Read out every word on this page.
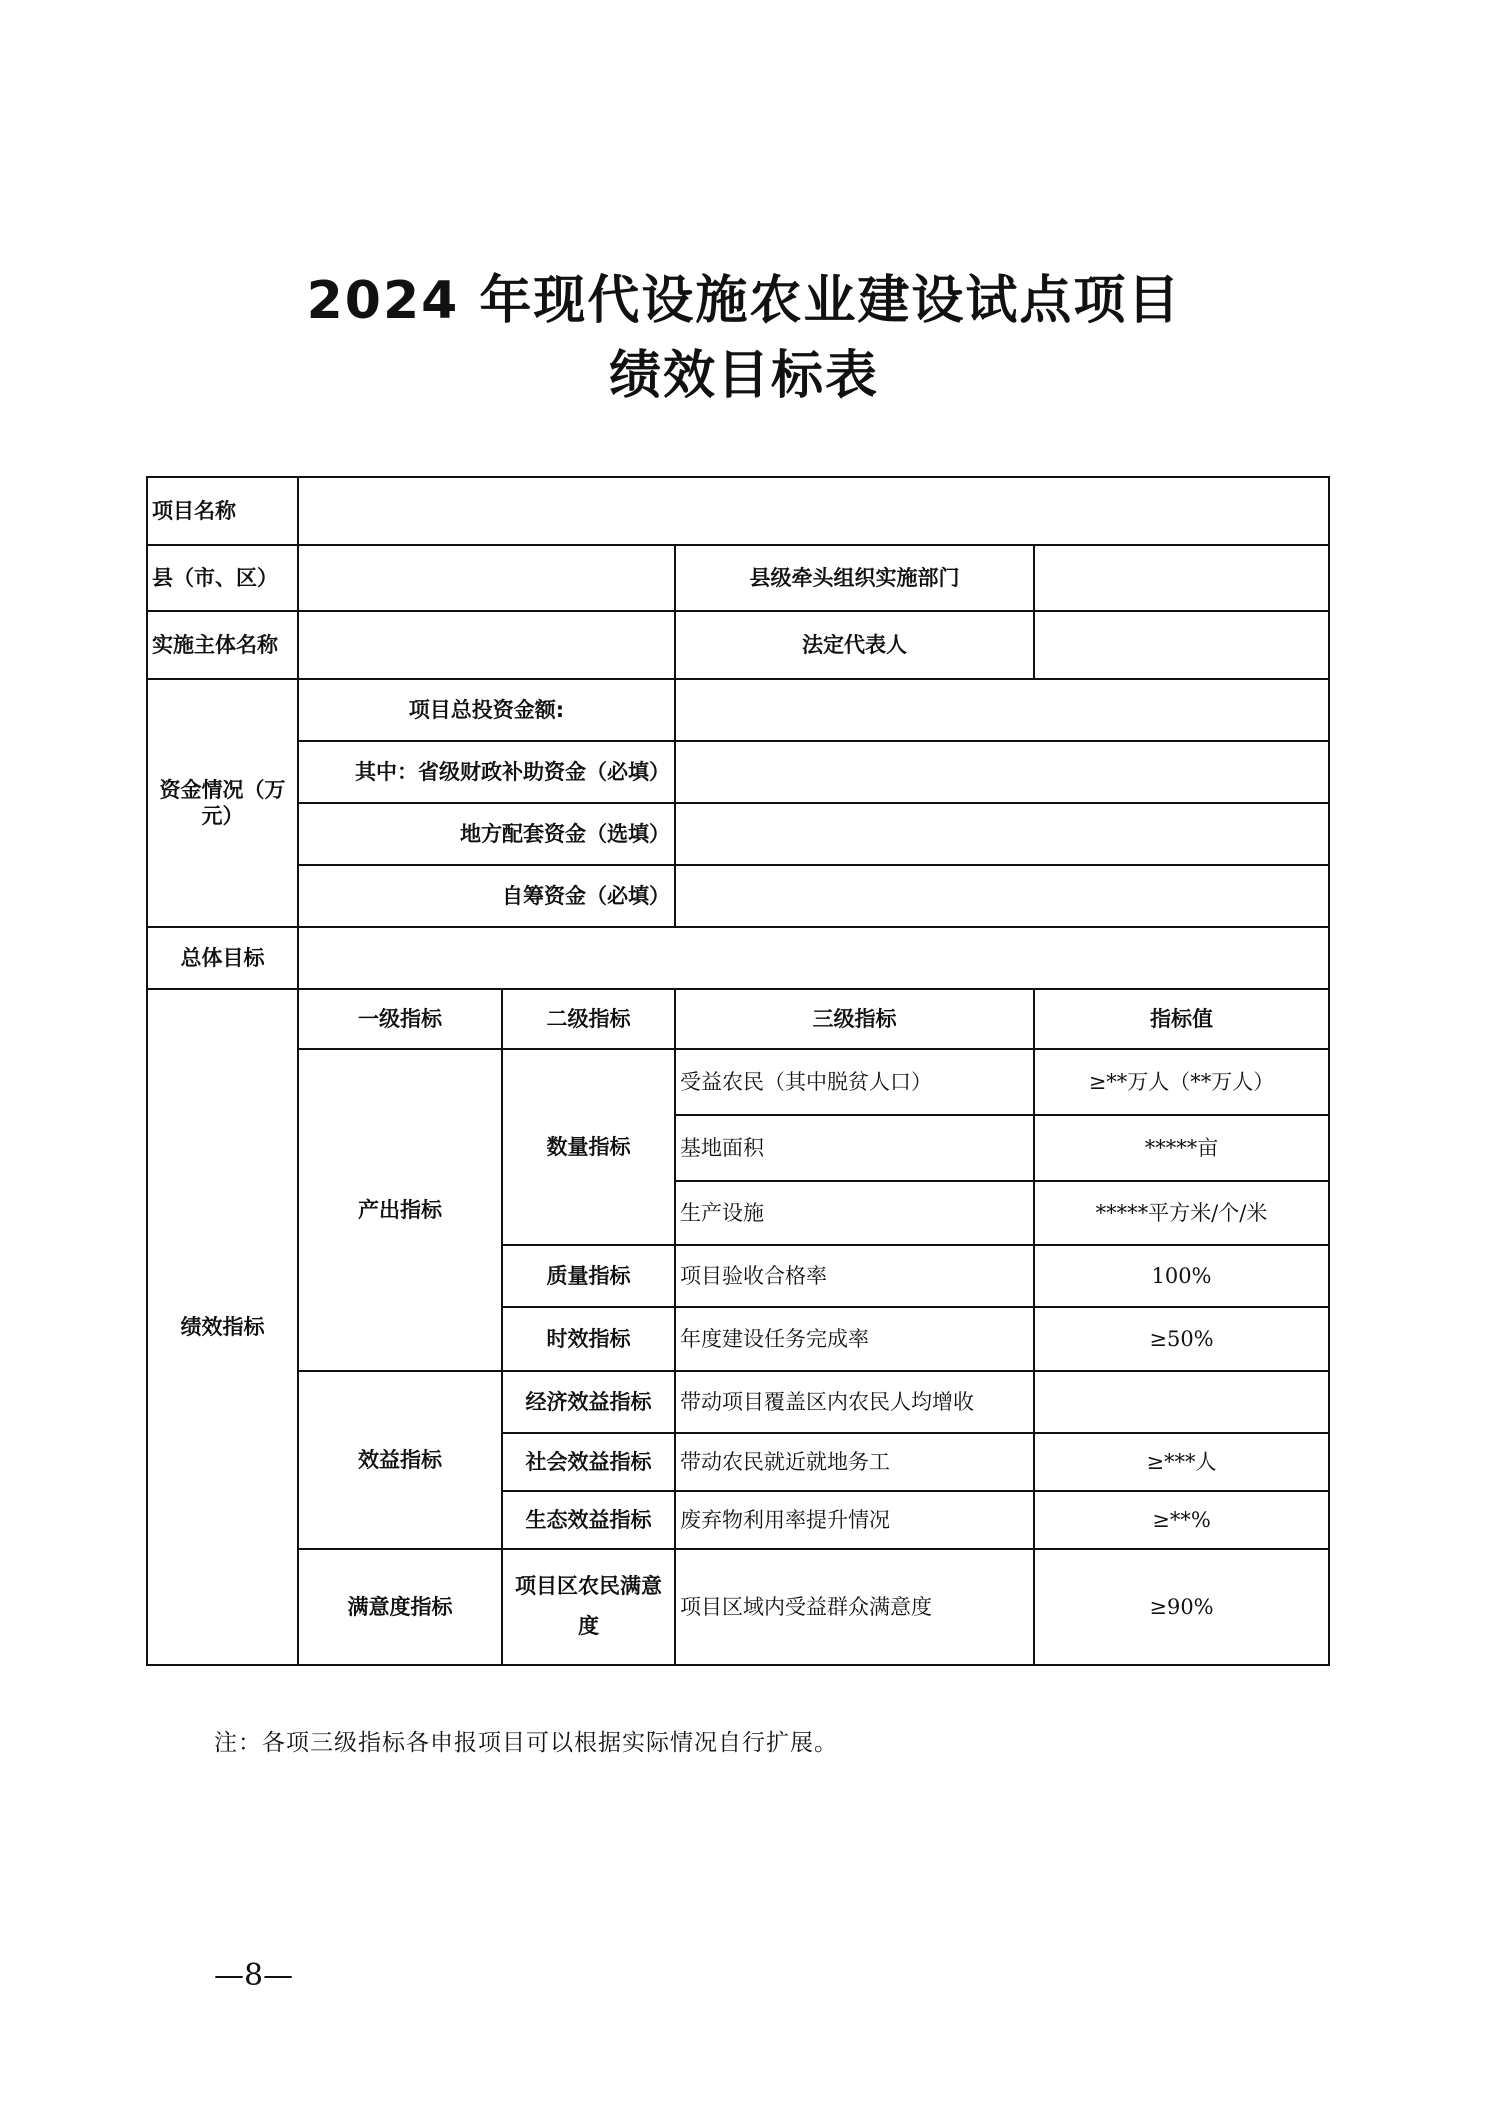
2024 年现代设施农业建设试点项目
绩效目标表
项目名称				
县（市、区）			县级牵头组织实施部门	
实施主体名称			法定代表人	
资金情况（万元）	项目总投资金额:			
	其中：省级财政补助资金（必填）			
	地方配套资金（选填）			
	自筹资金（必填）			
总体目标				
绩效指标	一级指标	二级指标	三级指标	指标值
	产出指标	数量指标	受益农民（其中脱贫人口）	≥**万人（**万人）
			基地面积	*****亩
			生产设施	*****平方米/个/米
		质量指标	项目验收合格率	100%
		时效指标	年度建设任务完成率	≥50%
	效益指标	经济效益指标	带动项目覆盖区内农民人均增收	
		社会效益指标	带动农民就近就地务工	≥***人
		生态效益指标	废弃物利用率提升情况	≥**%
	满意度指标	项目区农民满意度	项目区域内受益群众满意度	≥90%
注：各项三级指标各申报项目可以根据实际情况自行扩展。
—8—
